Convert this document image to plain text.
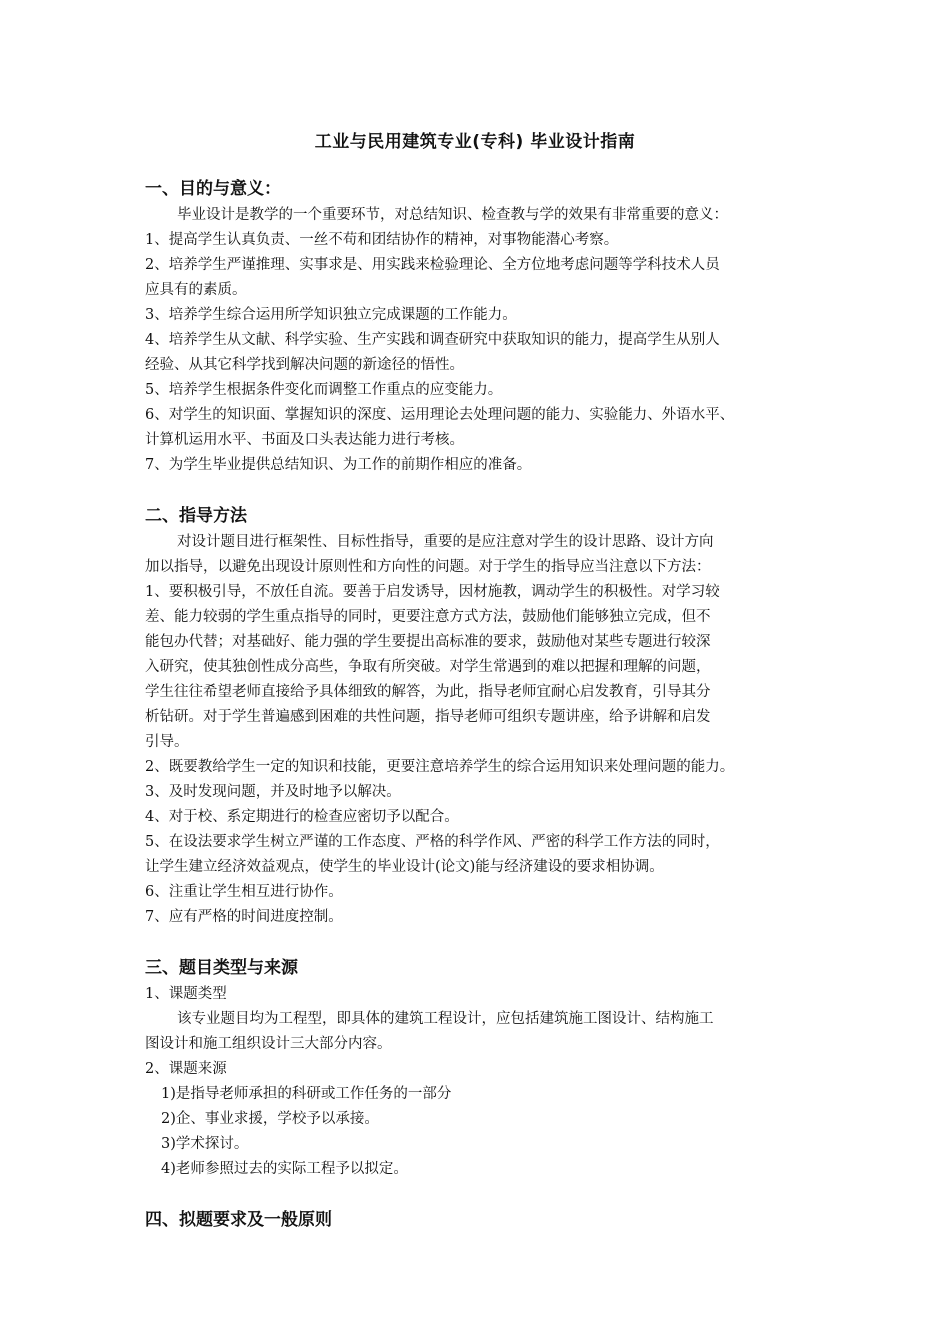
工业与民用建筑专业(专科) 毕业设计指南
一、目的与意义：
毕业设计是教学的一个重要环节，对总结知识、检查教与学的效果有非常重要的意义：
1、提高学生认真负责、一丝不苟和团结协作的精神，对事物能潜心考察。
2、培养学生严谨推理、实事求是、用实践来检验理论、全方位地考虑问题等学科技术人员
应具有的素质。
3、培养学生综合运用所学知识独立完成课题的工作能力。
4、培养学生从文献、科学实验、生产实践和调查研究中获取知识的能力，提高学生从别人
经验、从其它科学找到解决问题的新途径的悟性。
5、培养学生根据条件变化而调整工作重点的应变能力。
6、对学生的知识面、掌握知识的深度、运用理论去处理问题的能力、实验能力、外语水平、
计算机运用水平、书面及口头表达能力进行考核。
7、为学生毕业提供总结知识、为工作的前期作相应的准备。
二、指导方法
对设计题目进行框架性、目标性指导，重要的是应注意对学生的设计思路、设计方向
加以指导，以避免出现设计原则性和方向性的问题。对于学生的指导应当注意以下方法：
1、要积极引导，不放任自流。要善于启发诱导，因材施教，调动学生的积极性。对学习较
差、能力较弱的学生重点指导的同时，更要注意方式方法，鼓励他们能够独立完成，但不
能包办代替；对基础好、能力强的学生要提出高标准的要求，鼓励他对某些专题进行较深
入研究，使其独创性成分高些，争取有所突破。对学生常遇到的难以把握和理解的问题，
学生往往希望老师直接给予具体细致的解答，为此，指导老师宜耐心启发教育，引导其分
析钻研。对于学生普遍感到困难的共性问题，指导老师可组织专题讲座，给予讲解和启发
引导。
2、既要教给学生一定的知识和技能，更要注意培养学生的综合运用知识来处理问题的能力。
3、及时发现问题，并及时地予以解决。
4、对于校、系定期进行的检查应密切予以配合。
5、在设法要求学生树立严谨的工作态度、严格的科学作风、严密的科学工作方法的同时，
让学生建立经济效益观点，使学生的毕业设计(论文)能与经济建设的要求相协调。
6、注重让学生相互进行协作。
7、应有严格的时间进度控制。
三、题目类型与来源
1、课题类型
该专业题目均为工程型，即具体的建筑工程设计，应包括建筑施工图设计、结构施工
图设计和施工组织设计三大部分内容。
2、课题来源
1)是指导老师承担的科研或工作任务的一部分
2)企、事业求援，学校予以承接。
3)学术探讨。
4)老师参照过去的实际工程予以拟定。
四、拟题要求及一般原则
